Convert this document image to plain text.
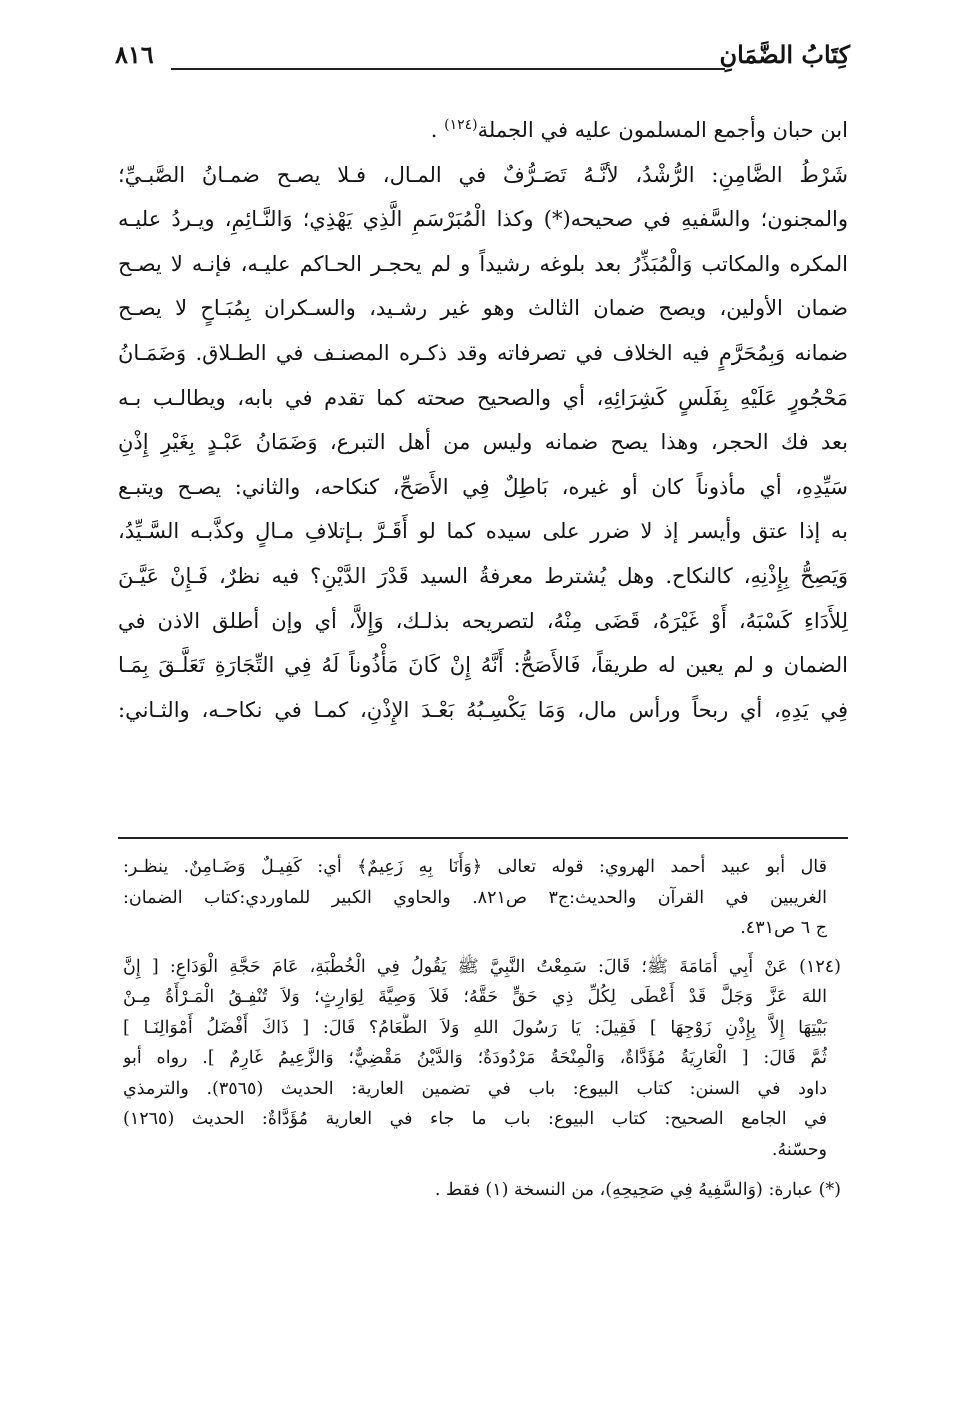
كِتَابُ الضَّمَانِ
٨١٦
ابن حبان وأجمع المسلمون عليه في الجملة$^{(١٢٤)}$ .
شَرْطُ الضَّامِنِ: الرُّشْدُ، لأنَّـهُ تَصَـرُّفٌ في المـال، فـلا يصـح ضمـانُ الصَّبـيِّ؛
والمجنون؛ والسَّفيهِ في صحيحه(*) وكذا الْمُبَرْسَمِ الَّذِي يَهْذِي؛ وَالنَّـائِمِ، ويـردُ عليـه
المكره والمكاتب وَالْمُبَذِّرُ بعد بلوغه رشيداً و لم يحجـر الحـاكم عليـه، فإنـه لا يصـح
ضمان الأولين، ويصح ضمان الثالث وهو غير رشـيد، والسـكران بِمُبَـاحٍ لا يصـح
ضمانه وَبِمُحَرَّمٍ فيه الخلاف في تصرفاته وقد ذكـره المصنـف في الطـلاق. وَضَمَـانُ
مَحْجُورٍ عَلَيْهِ بِفَلَسٍ كَشِرَائِهِ، أي والصحيح صحته كما تقدم في بابه، ويطالـب بـه
بعد فك الحجر، وهذا يصح ضمانه وليس من أهل التبرع، وَضَمَانُ عَبْـدٍ بِغَيْرِ إِذْنِ
سَيِّدِهِ، أي مأذوناً كان أو غيره، بَاطِلٌ فِي الأَصَحِّ، كنكاحه، والثاني: يصـح ويتبـع
به إذا عتق وأيسر إذ لا ضرر على سيده كما لو أَقَـرَّ بـإتلافِ مـالٍ وكذَّبـه السَّـيِّدُ،
وَيَصِحُّ بِإِذْنِهِ، كالنكاح. وهل يُشترط معرفةُ السيد قَدْرَ الدَّيْنِ؟ فيه نظرٌ، فَـإِنْ عَيَّـنَ
لِلأَدَاءِ كَسْبَهُ، أَوْ غَيْرَهُ، قَضَى مِنْهُ، لتصريحه بذلـك، وَإِلاَّ، أي وإن أطلق الاذن في
الضمان و لم يعين له طريقاً، فَالأَصَحُّ: أَنَّهُ إِنْ كَانَ مَأْذُوناً لَهُ فِي التِّجَارَةِ تَعَلَّـقَ بِمَـا
فِي يَدِهِ، أي ربحاً ورأس مال، وَمَا يَكْسِـبُهُ بَعْـدَ الإِذْنِ، كمـا في نكاحـه، والثـاني:
قال أبو عبيد أحمد الهروي: قوله تعالى ﴿وَأَنَا بِهِ زَعِيمٌ﴾ أي: كَفِيـلٌ وَضَـامِنٌ. ينظـر:
الغريبين في القرآن والحديث:ج٣ ص٨٢١. والحاوي الكبير للماوردي:كتاب الضمان:
ج ٦ ص٤٣١.
(١٢٤) عَنْ أَبِي أُمَامَةَ ﷺ؛ قَالَ: سَمِعْتُ النَّبِيَّ ﷺ يَقُولُ فِي الْخُطْبَةِ، عَامَ حَجَّةِ الْوَدَاعِ: [ إِنَّ
اللهَ عَزَّ وَجَلَّ قَدْ أَعْطَى لِكُلِّ ذِي حَقٍّ حَقَّهُ؛ فَلاَ وَصِيَّةَ لِوَارِثٍ؛ وَلاَ تُنْفِـقُ الْمَـرْأَةُ مِـنْ
بَيْتِهَا إِلاَّ بِإِذْنِ زَوْجِهَا ] فَقِيلَ: يَا رَسُولَ اللهِ وَلاَ الطَّعَامُ؟ قَالَ: [ ذَاكَ أَفْضَلُ أَمْوَالِنَـا ]
ثُمَّ قَالَ: [ الْعَارِيَةُ مُؤَدَّاةٌ، وَالْمِنْحَةُ مَرْدُودَةٌ؛ وَالدَّيْنُ مَقْضِيٌّ؛ وَالزَّعِيمُ غَارِمٌ ]. رواه أبو
داود في السنن: كتاب البيوع: باب في تضمين العارية: الحديث (٣٥٦٥). والترمذي
في الجامع الصحيح: كتاب البيوع: باب ما جاء في العارية مُؤَدَّاةٌ: الحديث (١٢٦٥)
وحسّنهُ.
(*) عبارة: (وَالسَّفِيهُ فِي صَحِيحِهِ)، من النسخة (١) فقط .
